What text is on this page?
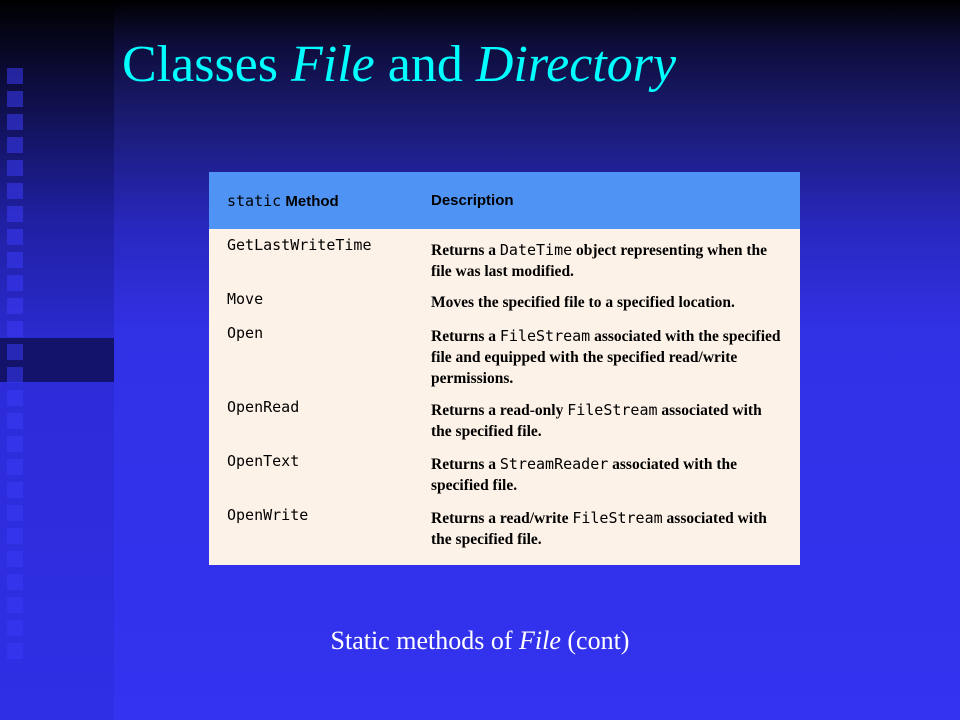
Classes File and Directory
static Method	Description
GetLastWriteTime	Returns a DateTime object representing when the file was last modified.
Move	Moves the specified file to a specified location.
Open	Returns a FileStream associated with the specified file and equipped with the specified read/write permissions.
OpenRead	Returns a read-only FileStream associated with the specified file.
OpenText	Returns a StreamReader associated with the specified file.
OpenWrite	Returns a read/write FileStream associated with the specified file.
Static methods of File (cont)
